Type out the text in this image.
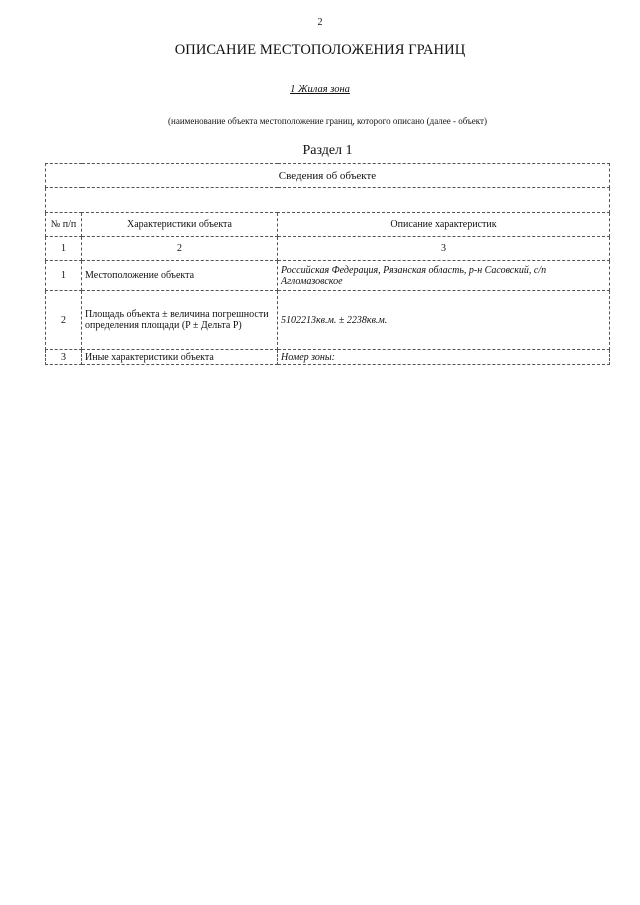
2
ОПИСАНИЕ МЕСТОПОЛОЖЕНИЯ ГРАНИЦ
1 Жилая зона
(наименование объекта местоположение границ, которого описано (далее - объект)
Раздел 1
Сведения об объекте		

№ п/п	Характеристики объекта	Описание характеристик
1	2	3
1	Местоположение объекта	Российская Федерация, Рязанская область, р-н Сасовский, с/п Агломазовское
2	Площадь объекта ± величина погрешности определения площади (P ± Дельта P)	5102213кв.м. ± 2238кв.м.
3	Иные характеристики объекта	Номер зоны:
